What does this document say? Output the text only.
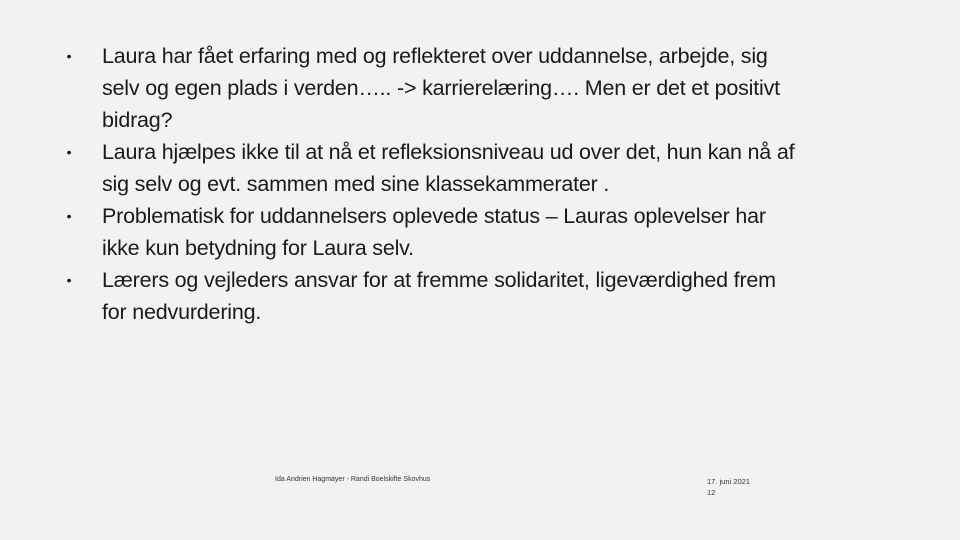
• Laura har fået erfaring med og reflekteret over uddannelse, arbejde, sig selv og egen plads i verden….. -> karrierelæring…. Men er det et positivt bidrag?
• Laura hjælpes ikke til at nå et refleksionsniveau ud over det, hun kan nå af sig selv og evt. sammen med sine klassekammerater .
• Problematisk for uddannelsers oplevede status – Lauras oplevelser har ikke kun betydning for Laura selv.
• Lærers og vejleders ansvar for at fremme solidaritet, ligeværdighed frem for nedvurdering.
Ida Andrien Hagmayer - Randi Boelskifte Skovhus	17. juni 2021
12
